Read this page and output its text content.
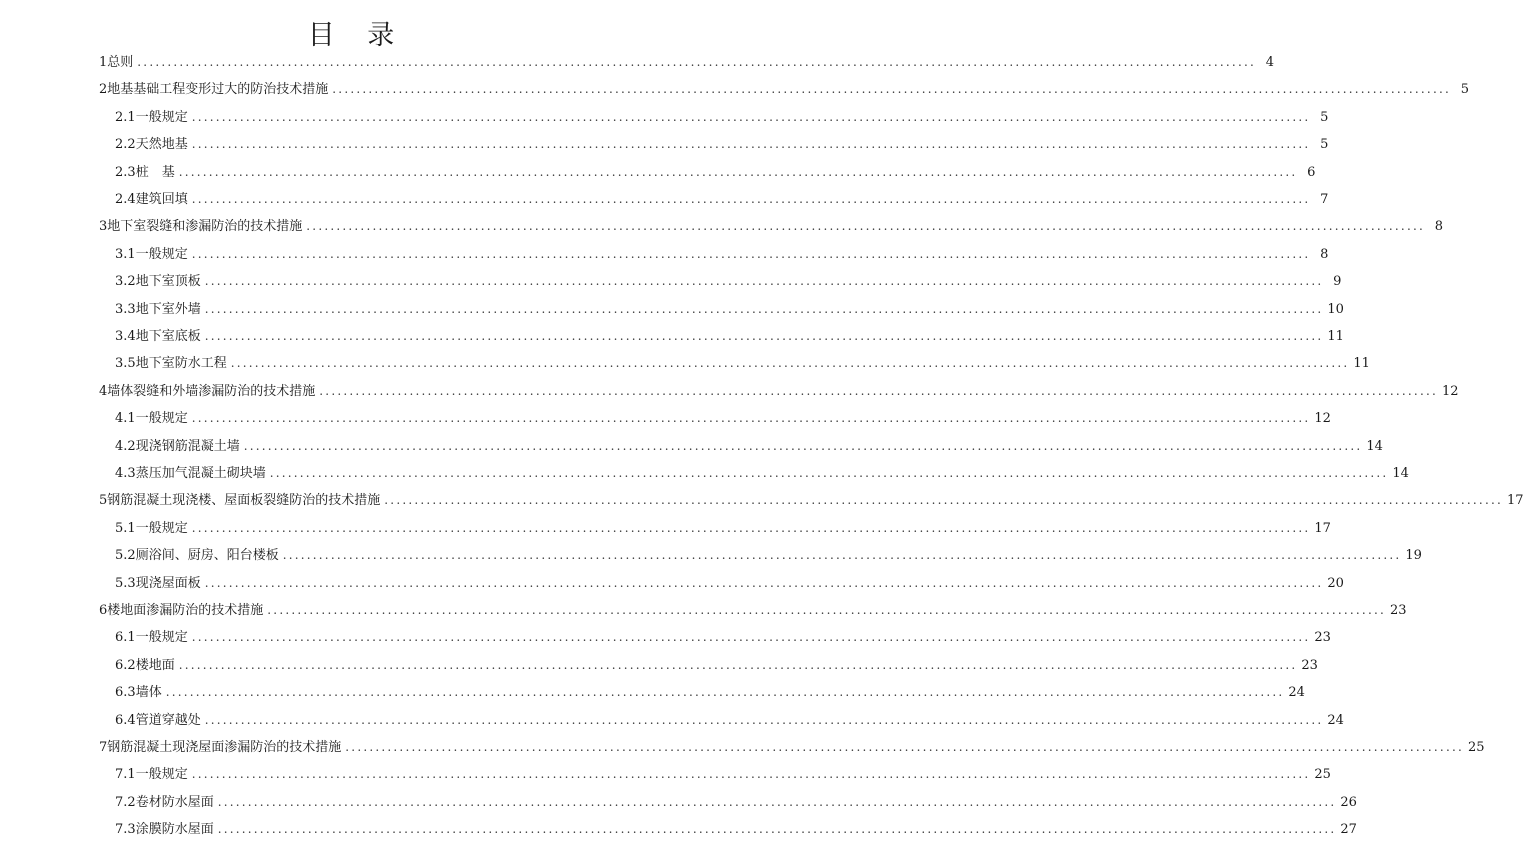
目 录
1 总则 .......................................................................................................................................................................................... 4
2 地基基础工程变形过大的防治技术措施 .......................................................................................................................................................................................... 5
2.1 一般规定 .......................................................................................................................................................................................... 5
2.2 天然地基 .......................................................................................................................................................................................... 5
2.3 桩　基 .......................................................................................................................................................................................... 6
2.4 建筑回填 .......................................................................................................................................................................................... 7
3 地下室裂缝和渗漏防治的技术措施 .......................................................................................................................................................................................... 8
3.1 一般规定 .......................................................................................................................................................................................... 8
3.2 地下室顶板 .......................................................................................................................................................................................... 9
3.3 地下室外墙 .......................................................................................................................................................................................... 10
3.4 地下室底板 .......................................................................................................................................................................................... 11
3.5 地下室防水工程 .......................................................................................................................................................................................... 11
4 墙体裂缝和外墙渗漏防治的技术措施 .......................................................................................................................................................................................... 12
4.1 一般规定 .......................................................................................................................................................................................... 12
4.2 现浇钢筋混凝土墙 .......................................................................................................................................................................................... 14
4.3 蒸压加气混凝土砌块墙 .......................................................................................................................................................................................... 14
5 钢筋混凝土现浇楼、屋面板裂缝防治的技术措施 .......................................................................................................................................................................................... 17
5.1 一般规定 .......................................................................................................................................................................................... 17
5.2 厕浴间、厨房、阳台楼板 .......................................................................................................................................................................................... 19
5.3 现浇屋面板 .......................................................................................................................................................................................... 20
6 楼地面渗漏防治的技术措施 .......................................................................................................................................................................................... 23
6.1 一般规定 .......................................................................................................................................................................................... 23
6.2 楼地面 .......................................................................................................................................................................................... 23
6.3 墙体 .......................................................................................................................................................................................... 24
6.4 管道穿越处 .......................................................................................................................................................................................... 24
7 钢筋混凝土现浇屋面渗漏防治的技术措施 .......................................................................................................................................................................................... 25
7.1 一般规定 .......................................................................................................................................................................................... 25
7.2 卷材防水屋面 .......................................................................................................................................................................................... 26
7.3 涂膜防水屋面 .......................................................................................................................................................................................... 27
